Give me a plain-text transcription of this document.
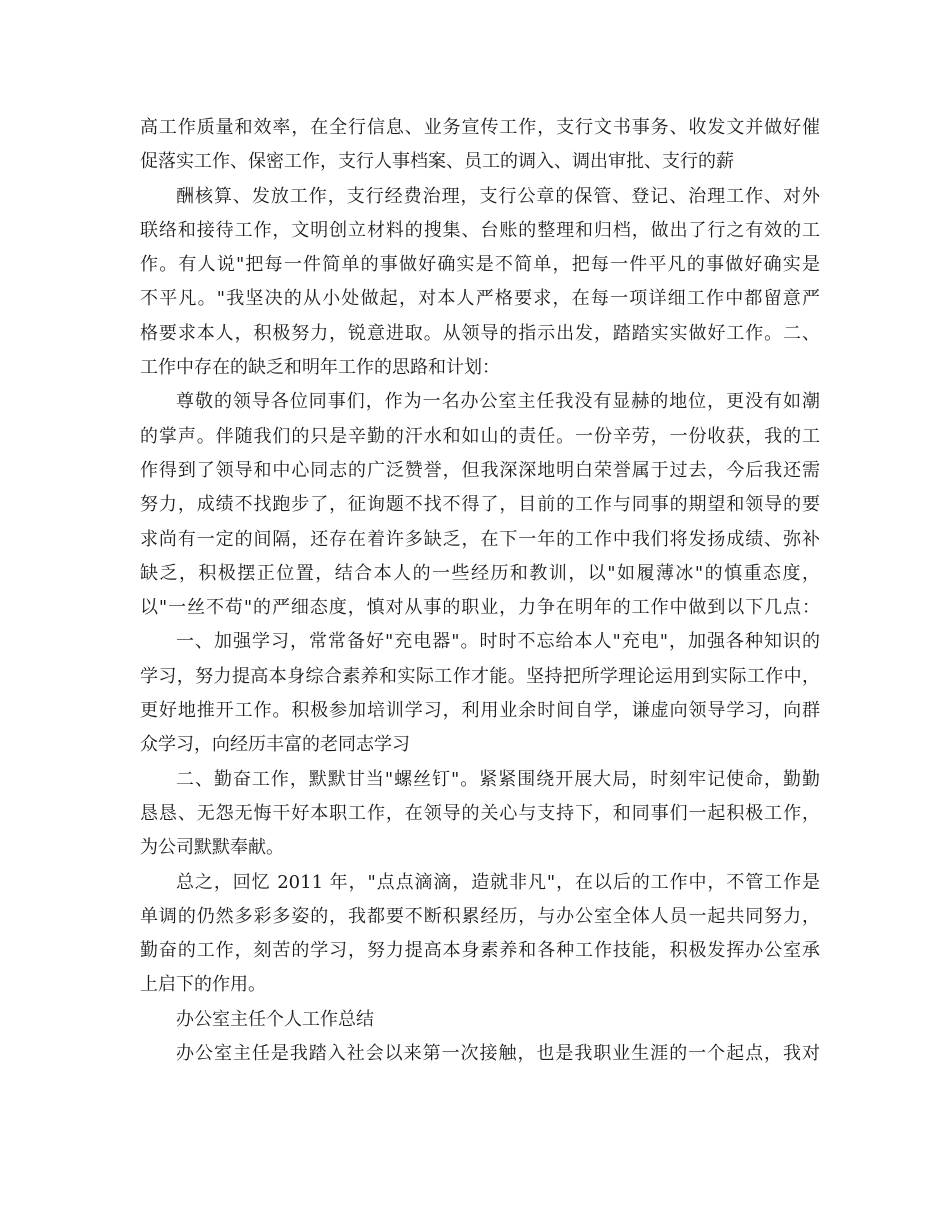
高工作质量和效率，在全行信息、业务宣传工作，支行文书事务、收发文并做好催
促落实工作、保密工作，支行人事档案、员工的调入、调出审批、支行的薪
酬核算、发放工作，支行经费治理，支行公章的保管、登记、治理工作、对外
联络和接待工作，文明创立材料的搜集、台账的整理和归档，做出了行之有效的工
作。有人说"把每一件简单的事做好确实是不简单，把每一件平凡的事做好确实是
不平凡。"我坚决的从小处做起，对本人严格要求，在每一项详细工作中都留意严
格要求本人，积极努力，锐意进取。从领导的指示出发，踏踏实实做好工作。二、
工作中存在的缺乏和明年工作的思路和计划：
尊敬的领导各位同事们，作为一名办公室主任我没有显赫的地位，更没有如潮
的掌声。伴随我们的只是辛勤的汗水和如山的责任。一份辛劳，一份收获，我的工
作得到了领导和中心同志的广泛赞誉，但我深深地明白荣誉属于过去，今后我还需
努力，成绩不找跑步了，征询题不找不得了，目前的工作与同事的期望和领导的要
求尚有一定的间隔，还存在着许多缺乏，在下一年的工作中我们将发扬成绩、弥补
缺乏，积极摆正位置，结合本人的一些经历和教训，以"如履薄冰"的慎重态度，
以"一丝不苟"的严细态度，慎对从事的职业，力争在明年的工作中做到以下几点：
一、加强学习，常常备好"充电器"。时时不忘给本人"充电"，加强各种知识的
学习，努力提高本身综合素养和实际工作才能。坚持把所学理论运用到实际工作中，
更好地推开工作。积极参加培训学习，利用业余时间自学，谦虚向领导学习，向群
众学习，向经历丰富的老同志学习
二、勤奋工作，默默甘当"螺丝钉"。紧紧围绕开展大局，时刻牢记使命，勤勤
恳恳、无怨无悔干好本职工作，在领导的关心与支持下，和同事们一起积极工作，
为公司默默奉献。
总之，回忆 2011 年，"点点滴滴，造就非凡"，在以后的工作中，不管工作是
单调的仍然多彩多姿的，我都要不断积累经历，与办公室全体人员一起共同努力，
勤奋的工作，刻苦的学习，努力提高本身素养和各种工作技能，积极发挥办公室承
上启下的作用。
办公室主任个人工作总结
办公室主任是我踏入社会以来第一次接触，也是我职业生涯的一个起点，我对
